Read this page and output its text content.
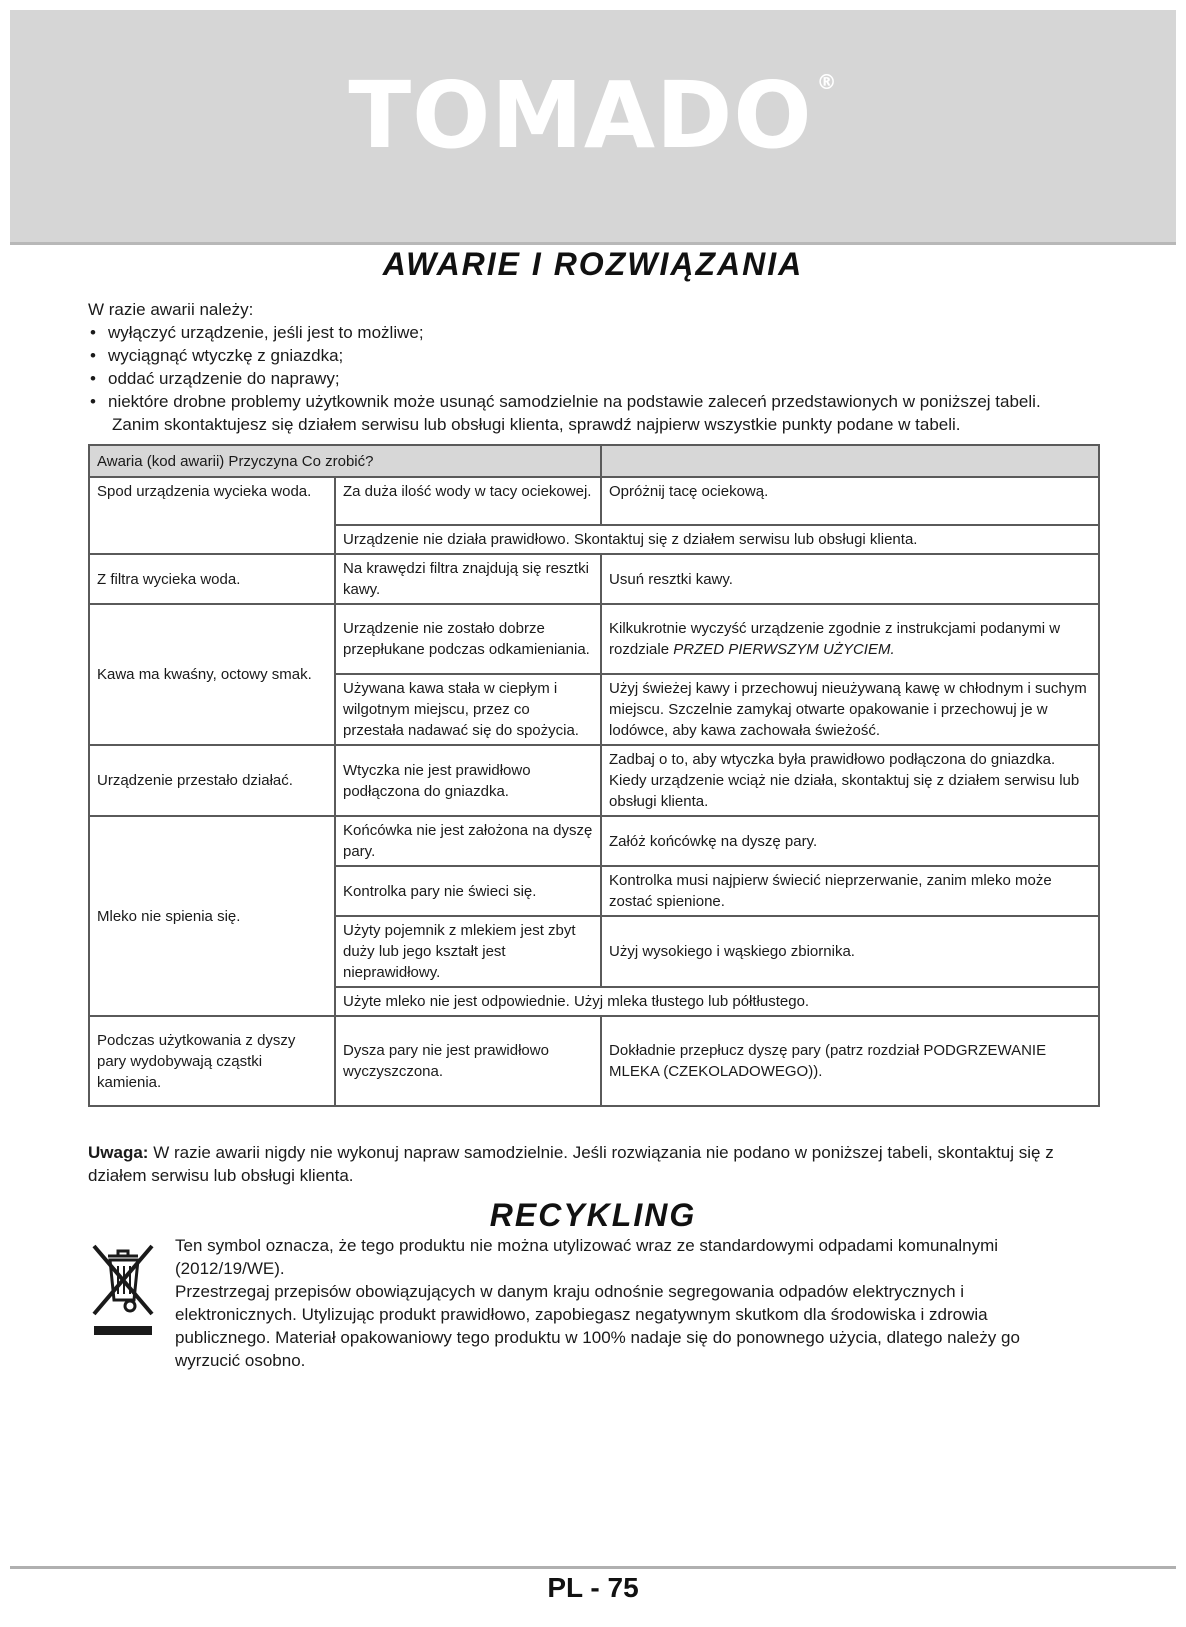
TOMADO ®
AWARIE I ROZWIĄZANIA
W razie awarii należy:
• wyłączyć urządzenie, jeśli jest to możliwe;
• wyciągnąć wtyczkę z gniazdka;
• oddać urządzenie do naprawy;
• niektóre drobne problemy użytkownik może usunąć samodzielnie na podstawie zaleceń przedstawionych w poniższej tabeli.
Zanim skontaktujesz się działem serwisu lub obsługi klienta, sprawdź najpierw wszystkie punkty podane w tabeli.
Awaria (kod awarii) Przyczyna Co zrobić?		
Spod urządzenia wycieka woda.	Za duża ilość wody w tacy ociekowej.	Opróżnij tacę ociekową.
	Urządzenie nie działa prawidłowo. Skontaktuj się z działem serwisu lub obsługi klienta.	
Z filtra wycieka woda.	Na krawędzi filtra znajdują się resztki kawy.	Usuń resztki kawy.
Kawa ma kwaśny, octowy smak.	Urządzenie nie zostało dobrze przepłukane podczas odkamieniania.	Kilkukrotnie wyczyść urządzenie zgodnie z instrukcjami podanymi w rozdziale PRZED PIERWSZYM UŻYCIEM.
	Używana kawa stała w ciepłym i wilgotnym miejscu, przez co przestała nadawać się do spożycia.	Użyj świeżej kawy i przechowuj nieużywaną kawę w chłodnym i suchym miejscu. Szczelnie zamykaj otwarte opakowanie i przechowuj je w lodówce, aby kawa zachowała świeżość.
Urządzenie przestało działać.	Wtyczka nie jest prawidłowo podłączona do gniazdka.	Zadbaj o to, aby wtyczka była prawidłowo podłączona do gniazdka. Kiedy urządzenie wciąż nie działa, skontaktuj się z działem serwisu lub obsługi klienta.
Mleko nie spienia się.	Końcówka nie jest założona na dyszę pary.	Załóż końcówkę na dyszę pary.
	Kontrolka pary nie świeci się.	Kontrolka musi najpierw świecić nieprzerwanie, zanim mleko może zostać spienione.
	Użyty pojemnik z mlekiem jest zbyt duży lub jego kształt jest nieprawidłowy.	Użyj wysokiego i wąskiego zbiornika.
	Użyte mleko nie jest odpowiednie. Użyj mleka tłustego lub półtłustego.	
Podczas użytkowania z dyszy pary wydobywają cząstki kamienia.	Dysza pary nie jest prawidłowo wyczyszczona.	Dokładnie przepłucz dyszę pary (patrz rozdział PODGRZEWANIE MLEKA (CZEKOLADOWEGO)).
Uwaga: W razie awarii nigdy nie wykonuj napraw samodzielnie. Jeśli rozwiązania nie podano w poniższej tabeli, skontaktuj się z działem serwisu lub obsługi klienta.
RECYKLING
Ten symbol oznacza, że tego produktu nie można utylizować wraz ze standardowymi odpadami komunalnymi (2012/19/WE).
Przestrzegaj przepisów obowiązujących w danym kraju odnośnie segregowania odpadów elektrycznych i elektronicznych. Utylizując produkt prawidłowo, zapobiegasz negatywnym skutkom dla środowiska i zdrowia publicznego. Materiał opakowaniowy tego produktu w 100% nadaje się do ponownego użycia, dlatego należy go wyrzucić osobno.
PL - 75
